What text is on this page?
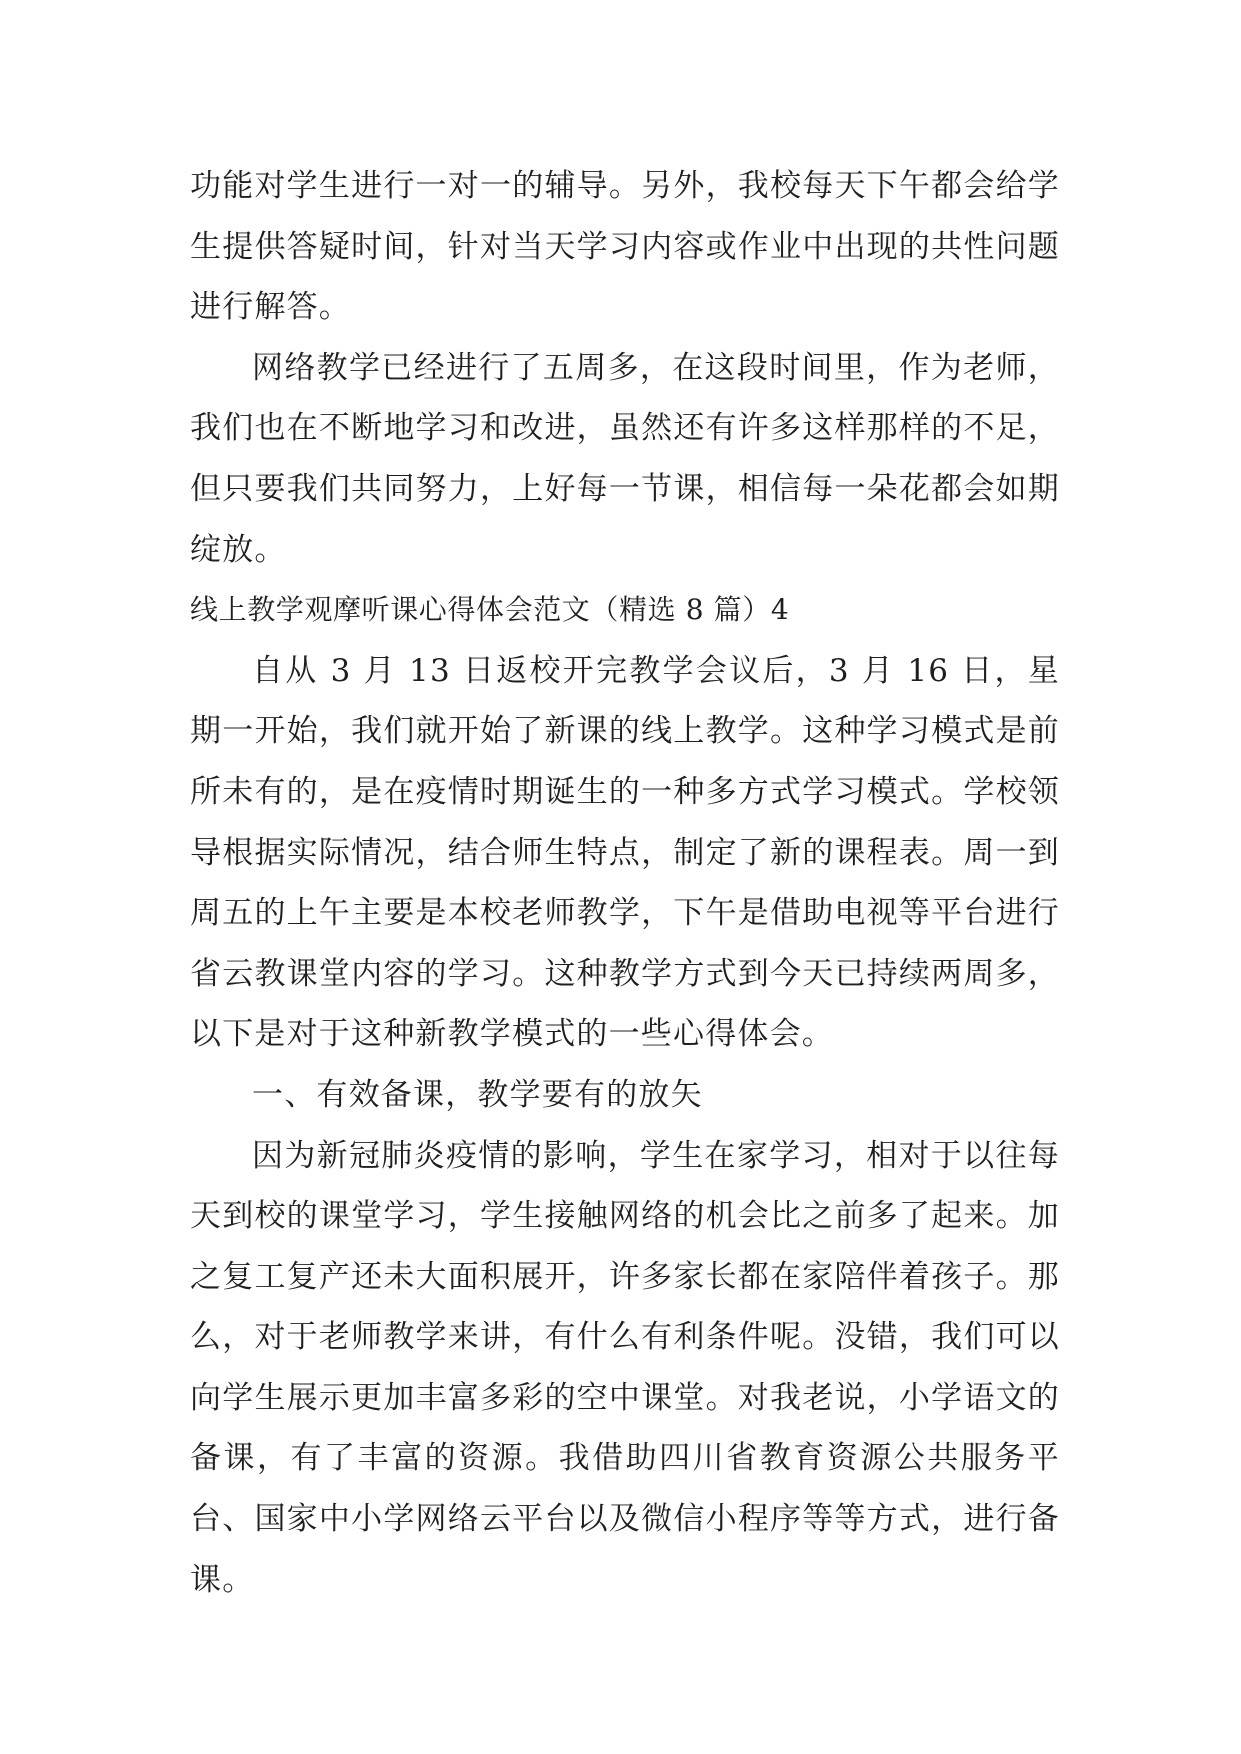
功能对学生进行一对一的辅导。另外，我校每天下午都会给学生提供答疑时间，针对当天学习内容或作业中出现的共性问题进行解答。

网络教学已经进行了五周多，在这段时间里，作为老师，我们也在不断地学习和改进，虽然还有许多这样那样的不足，但只要我们共同努力，上好每一节课，相信每一朵花都会如期绽放。

线上教学观摩听课心得体会范文（精选 8 篇）4

自从 3 月 13 日返校开完教学会议后，3 月 16 日，星期一开始，我们就开始了新课的线上教学。这种学习模式是前所未有的，是在疫情时期诞生的一种多方式学习模式。学校领导根据实际情况，结合师生特点，制定了新的课程表。周一到周五的上午主要是本校老师教学，下午是借助电视等平台进行省云教课堂内容的学习。这种教学方式到今天已持续两周多，以下是对于这种新教学模式的一些心得体会。

一、有效备课，教学要有的放矢

因为新冠肺炎疫情的影响，学生在家学习，相对于以往每天到校的课堂学习，学生接触网络的机会比之前多了起来。加之复工复产还未大面积展开，许多家长都在家陪伴着孩子。那么，对于老师教学来讲，有什么有利条件呢。没错，我们可以向学生展示更加丰富多彩的空中课堂。对我老说，小学语文的备课，有了丰富的资源。我借助四川省教育资源公共服务平台、国家中小学网络云平台以及微信小程序等等方式，进行备课。
